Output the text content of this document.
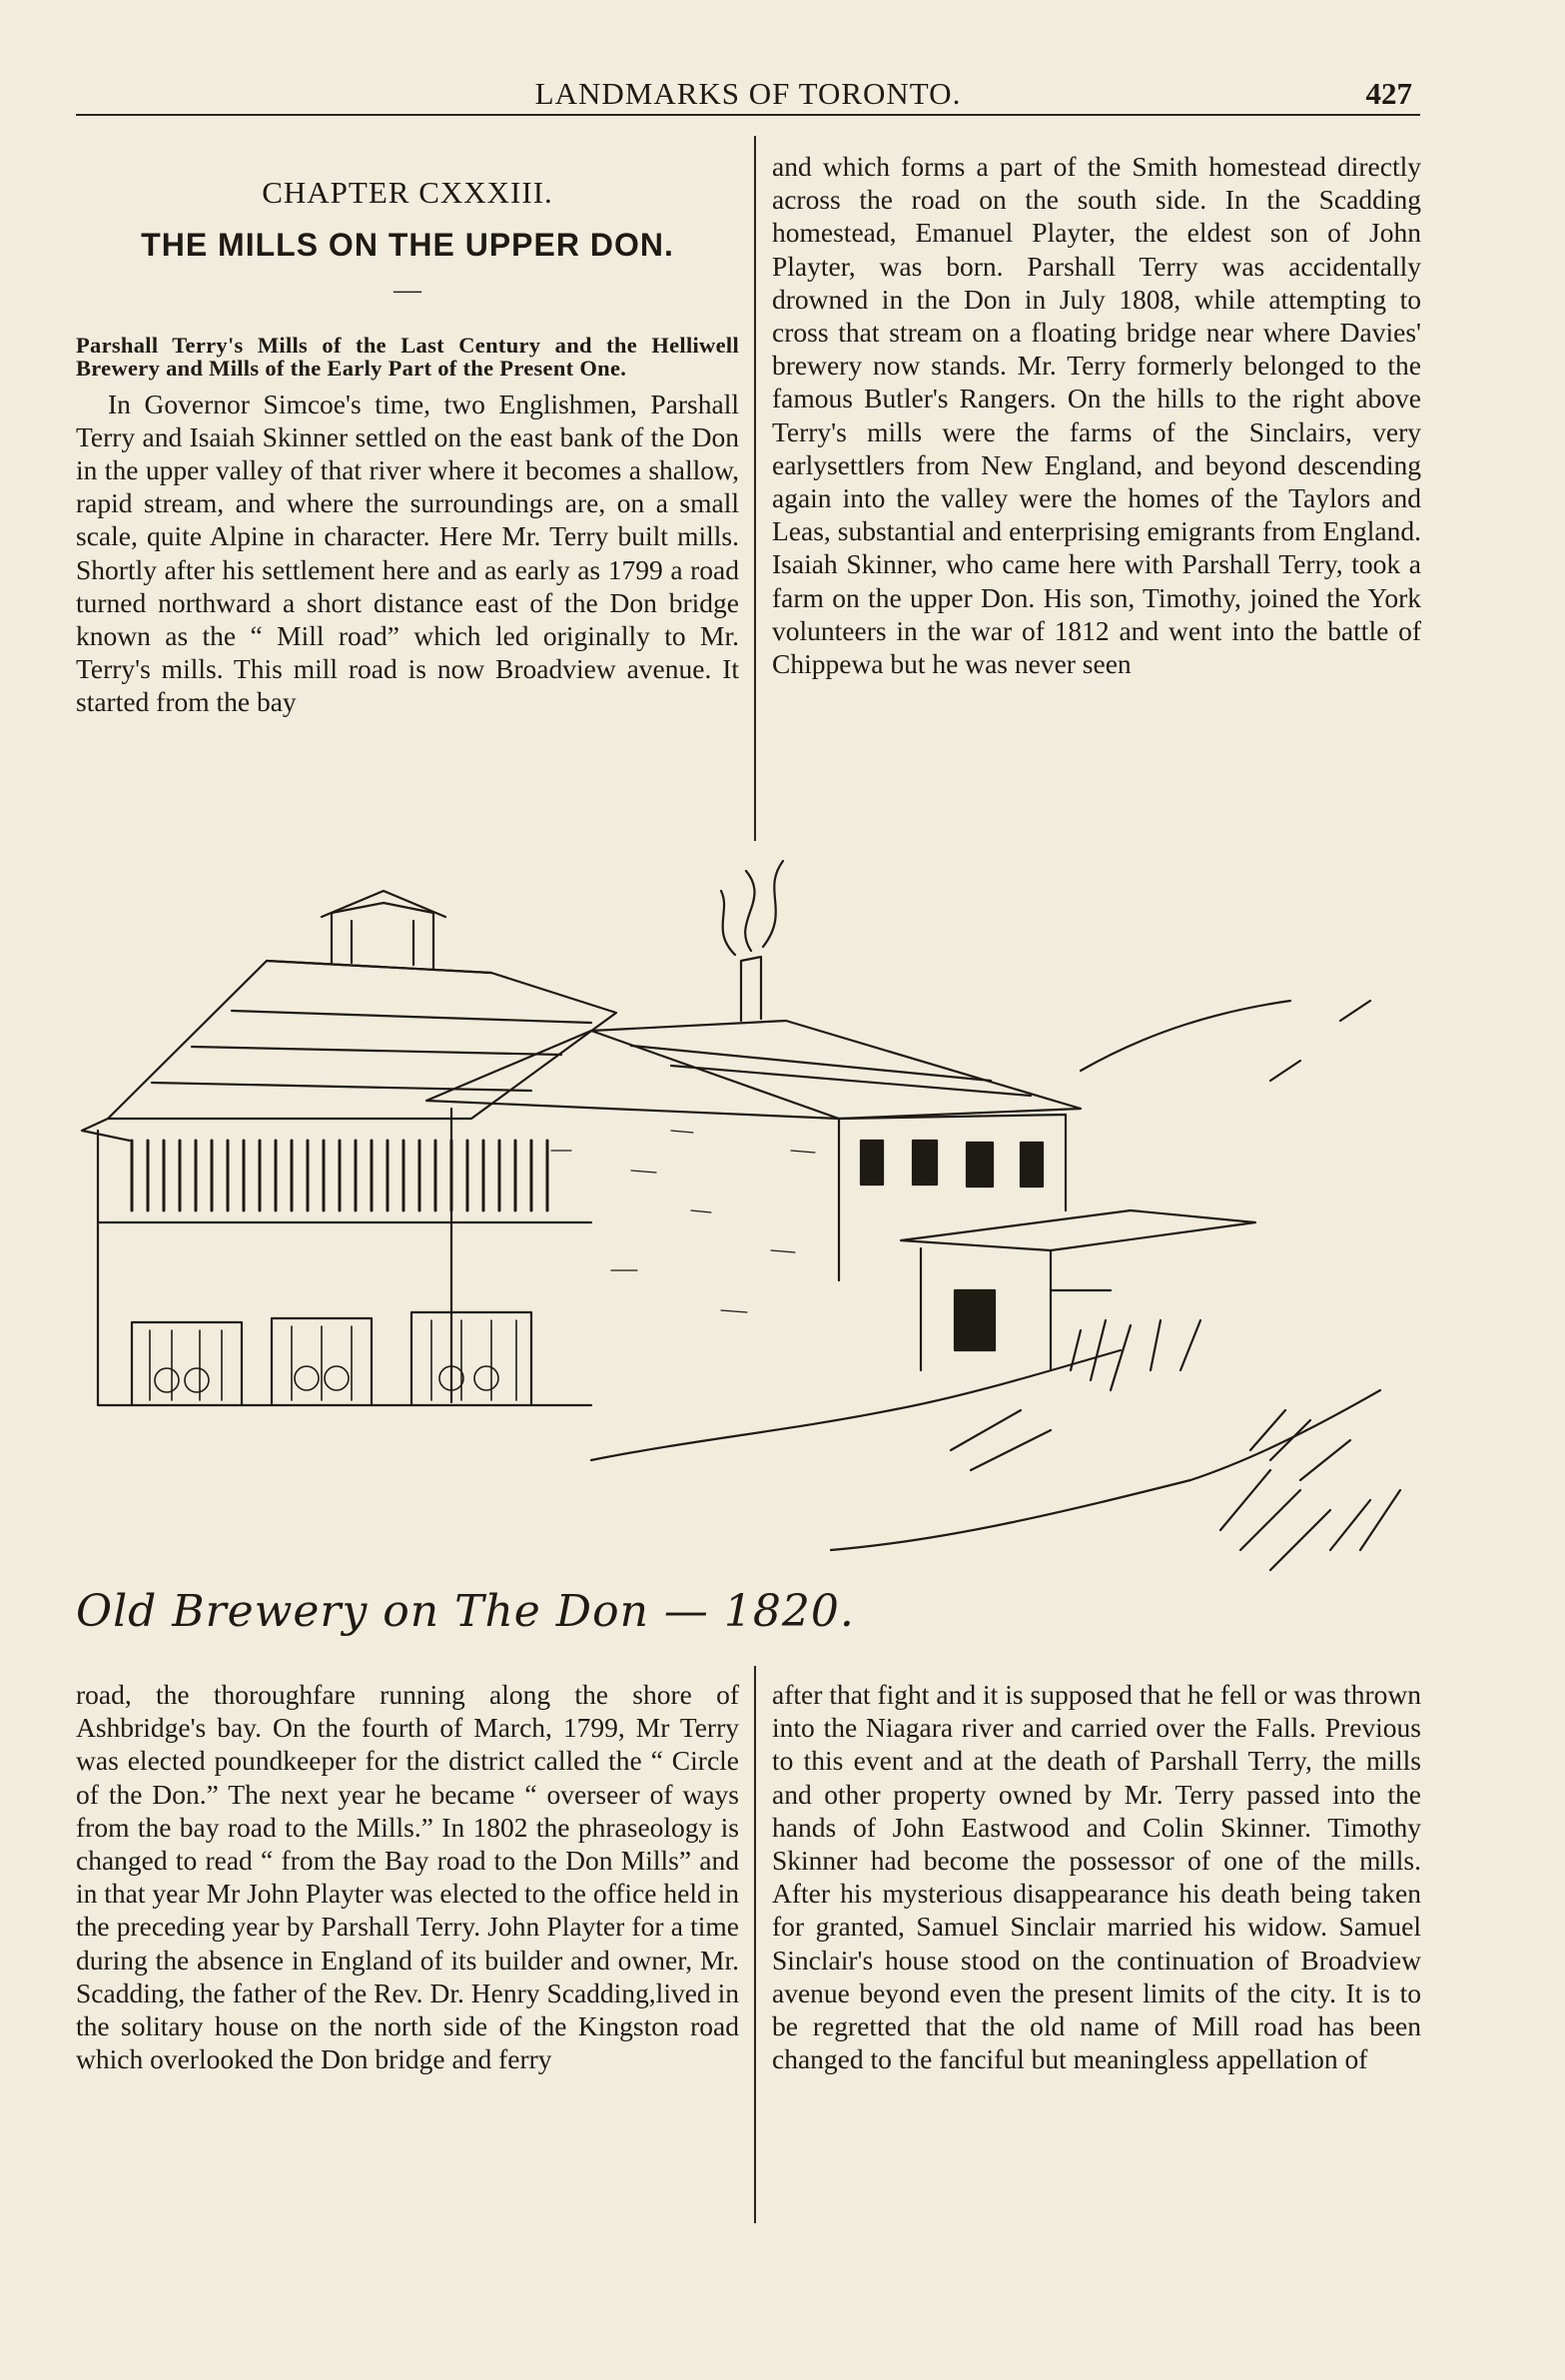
LANDMARKS OF TORONTO.	427
CHAPTER CXXXIII.
THE MILLS ON THE UPPER DON.
—
Parshall Terry's Mills of the Last Century and the Helliwell Brewery and Mills of the Early Part of the Present One.

In Governor Simcoe's time, two Englishmen, Parshall Terry and Isaiah Skinner settled on the east bank of the Don in the upper valley of that river where it becomes a shallow, rapid stream, and where the surroundings are, on a small scale, quite Alpine in character. Here Mr. Terry built mills. Shortly after his settlement here and as early as 1799 a road turned northward a short distance east of the Don bridge known as the “ Mill road” which led originally to Mr. Terry's mills. This mill road is now Broadview avenue. It started from the bay

and which forms a part of the Smith homestead directly across the road on the south side. In the Scadding homestead, Emanuel Playter, the eldest son of John Playter, was born. Parshall Terry was accidentally drowned in the Don in July 1808, while attempting to cross that stream on a floating bridge near where Davies' brewery now stands. Mr. Terry formerly belonged to the famous Butler's Rangers. On the hills to the right above Terry's mills were the farms of the Sinclairs, very earlysettlers from New England, and beyond descending again into the valley were the homes of the Taylors and Leas, substantial and enterprising emigrants from England. Isaiah Skinner, who came here with Parshall Terry, took a farm on the upper Don. His son, Timothy, joined the York volunteers in the war of 1812 and went into the battle of Chippewa but he was never seen

Old Brewery on The Don — 1820.

road, the thoroughfare running along the shore of Ashbridge's bay. On the fourth of March, 1799, Mr Terry was elected poundkeeper for the district called the “ Circle of the Don.” The next year he became “ overseer of ways from the bay road to the Mills.” In 1802 the phraseology is changed to read “ from the Bay road to the Don Mills” and in that year Mr John Playter was elected to the office held in the preceding year by Parshall Terry. John Playter for a time during the absence in England of its builder and owner, Mr. Scadding, the father of the Rev. Dr. Henry Scadding,lived in the solitary house on the north side of the Kingston road which overlooked the Don bridge and ferry

after that fight and it is supposed that he fell or was thrown into the Niagara river and carried over the Falls. Previous to this event and at the death of Parshall Terry, the mills and other property owned by Mr. Terry passed into the hands of John Eastwood and Colin Skinner. Timothy Skinner had become the possessor of one of the mills. After his mysterious disappearance his death being taken for granted, Samuel Sinclair married his widow. Samuel Sinclair's house stood on the continuation of Broadview avenue beyond even the present limits of the city. It is to be regretted that the old name of Mill road has been changed to the fanciful but meaningless appellation of
